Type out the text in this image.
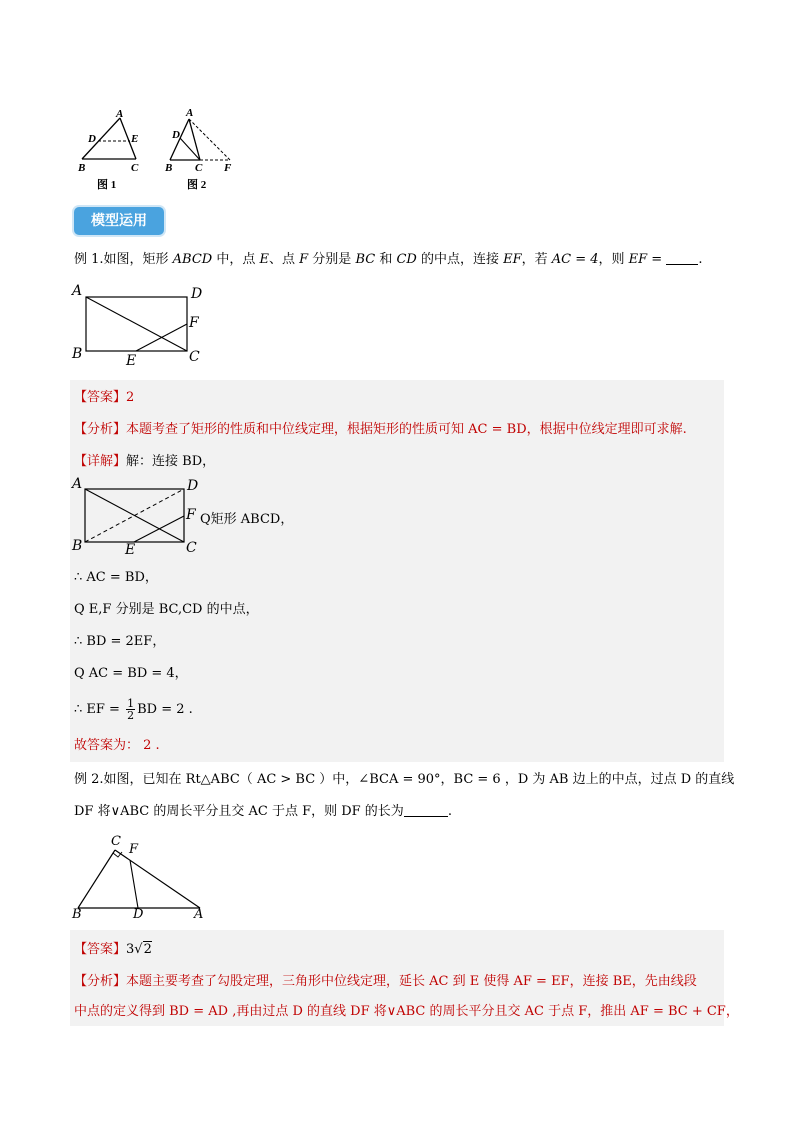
A
D	E
B	C
图 1
A
D
B C F
图 2
模型运用
例 1.如图，矩形 ABCD 中，点 E、点 F 分别是 BC 和 CD 的中点，连接 EF，若 AC = 4，则 EF =	.
A	D
F
B	E	C
【答案】2
【分析】本题考查了矩形的性质和中位线定理，根据矩形的性质可知 AC = BD，根据中位线定理即可求解.
【详解】解：连接 BD，
A	D
F
B	E	C
Q矩形 ABCD，
∴ AC = BD，
Q E,F 分别是 BC,CD 的中点，
∴ BD = 2EF，
Q AC = BD = 4，
∴ EF = $\frac{1}{2}$ BD = 2 .
故答案为： 2 .
例 2.如图，已知在 Rt△ABC（ AC > BC ）中，∠BCA = 90°，BC = 6 ，D 为 AB 边上的中点，过点 D 的直线
DF 将∨ABC 的周长平分且交 AC 于点 F，则 DF 的长为	.
C
F
B	D	A
【答案】3√2
【分析】本题主要考查了勾股定理，三角形中位线定理，延长 AC 到 E 使得 AF = EF，连接 BE，先由线段
中点的定义得到 BD = AD ,再由过点 D 的直线 DF 将∨ABC 的周长平分且交 AC 于点 F，推出 AF = BC + CF，
